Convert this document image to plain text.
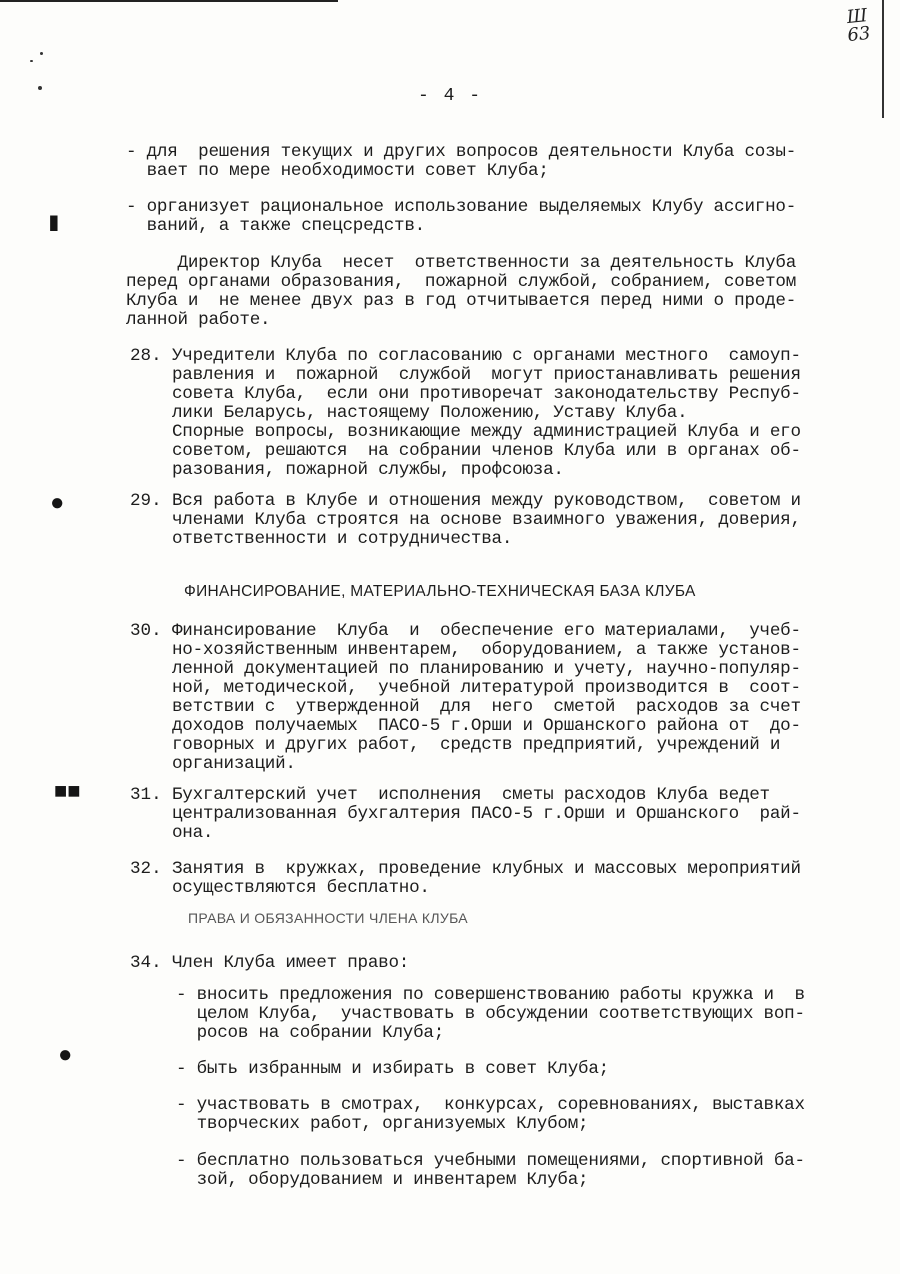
Ш
63
- 4 -
▮
●
■■
●
- для  решения текущих и других вопросов деятельности Клуба созы-
вает по мере необходимости совет Клуба;
- организует рациональное использование выделяемых Клубу ассигно-
ваний, а также спецсредств.
Директор Клуба  несет  ответственности за деятельность Клуба
перед органами образования,  пожарной службой, собранием, советом
Клуба и  не менее двух раз в год отчитывается перед ними о проде-
ланной работе.
28. Учредители Клуба по согласованию с органами местного  самоуп-
равления и  пожарной  службой  могут приостанавливать решения
совета Клуба,  если они противоречат законодательству Респуб-
лики Беларусь, настоящему Положению, Уставу Клуба.
Спорные вопросы, возникающие между администрацией Клуба и его
советом, решаются  на собрании членов Клуба или в органах об-
разования, пожарной службы, профсоюза.
29. Вся работа в Клубе и отношения между руководством,  советом и
членами Клуба строятся на основе взаимного уважения, доверия,
ответственности и сотрудничества.
ФИНАНСИРОВАНИЕ, МАТЕРИАЛЬНО-ТЕХНИЧЕСКАЯ БАЗА КЛУБА
30. Финансирование  Клуба  и  обеспечение его материалами,  учеб-
но-хозяйственным инвентарем,  оборудованием, а также установ-
ленной документацией по планированию и учету, научно-популяр-
ной, методической,  учебной литературой производится в  соот-
ветствии с  утвержденной  для  него  сметой  расходов за счет
доходов получаемых  ПАСО-5 г.Орши и Оршанского района от  до-
говорных и других работ,  средств предприятий, учреждений и
организаций.
31. Бухгалтерский учет  исполнения  сметы расходов Клуба ведет
централизованная бухгалтерия ПАСО-5 г.Орши и Оршанского  рай-
она.
32. Занятия в  кружках, проведение клубных и массовых мероприятий
осуществляются бесплатно.
ПРАВА И ОБЯЗАННОСТИ ЧЛЕНА КЛУБА
34. Член Клуба имеет право:
- вносить предложения по совершенствованию работы кружка и  в
целом Клуба,  участвовать в обсуждении соответствующих воп-
росов на собрании Клуба;
- быть избранным и избирать в совет Клуба;
- участвовать в смотрах,  конкурсах, соревнованиях, выставках
творческих работ, организуемых Клубом;
- бесплатно пользоваться учебными помещениями, спортивной ба-
зой, оборудованием и инвентарем Клуба;
